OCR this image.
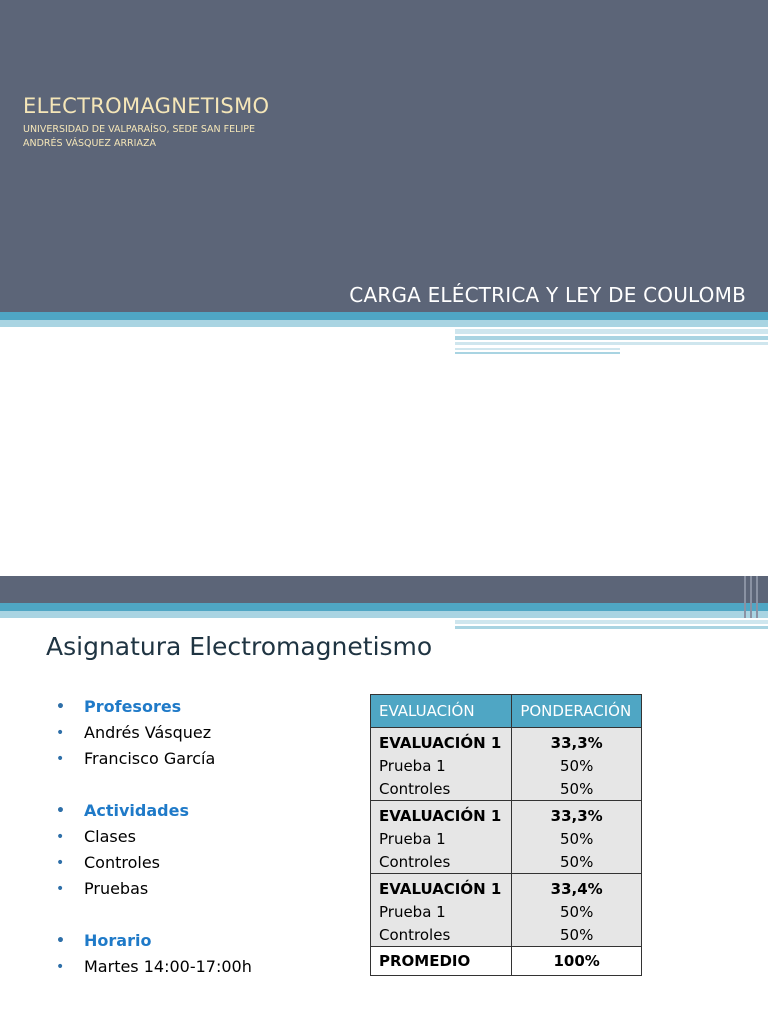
ELECTROMAGNETISMO
UNIVERSIDAD DE VALPARAÍSO, SEDE SAN FELIPE
ANDRÉS VÁSQUEZ ARRIAZA
CARGA ELÉCTRICA Y LEY DE COULOMB
Asignatura Electromagnetismo
• Profesores
• Andrés Vásquez
• Francisco García
• Actividades
• Clases
• Controles
• Pruebas
• Horario
• Martes 14:00-17:00h
EVALUACIÓN	PONDERACIÓN
EVALUACIÓN 1	33,3%
Prueba 1	50%
Controles	50%
EVALUACIÓN 1	33,3%
Prueba 1	50%
Controles	50%
EVALUACIÓN 1	33,4%
Prueba 1	50%
Controles	50%
PROMEDIO	100%
